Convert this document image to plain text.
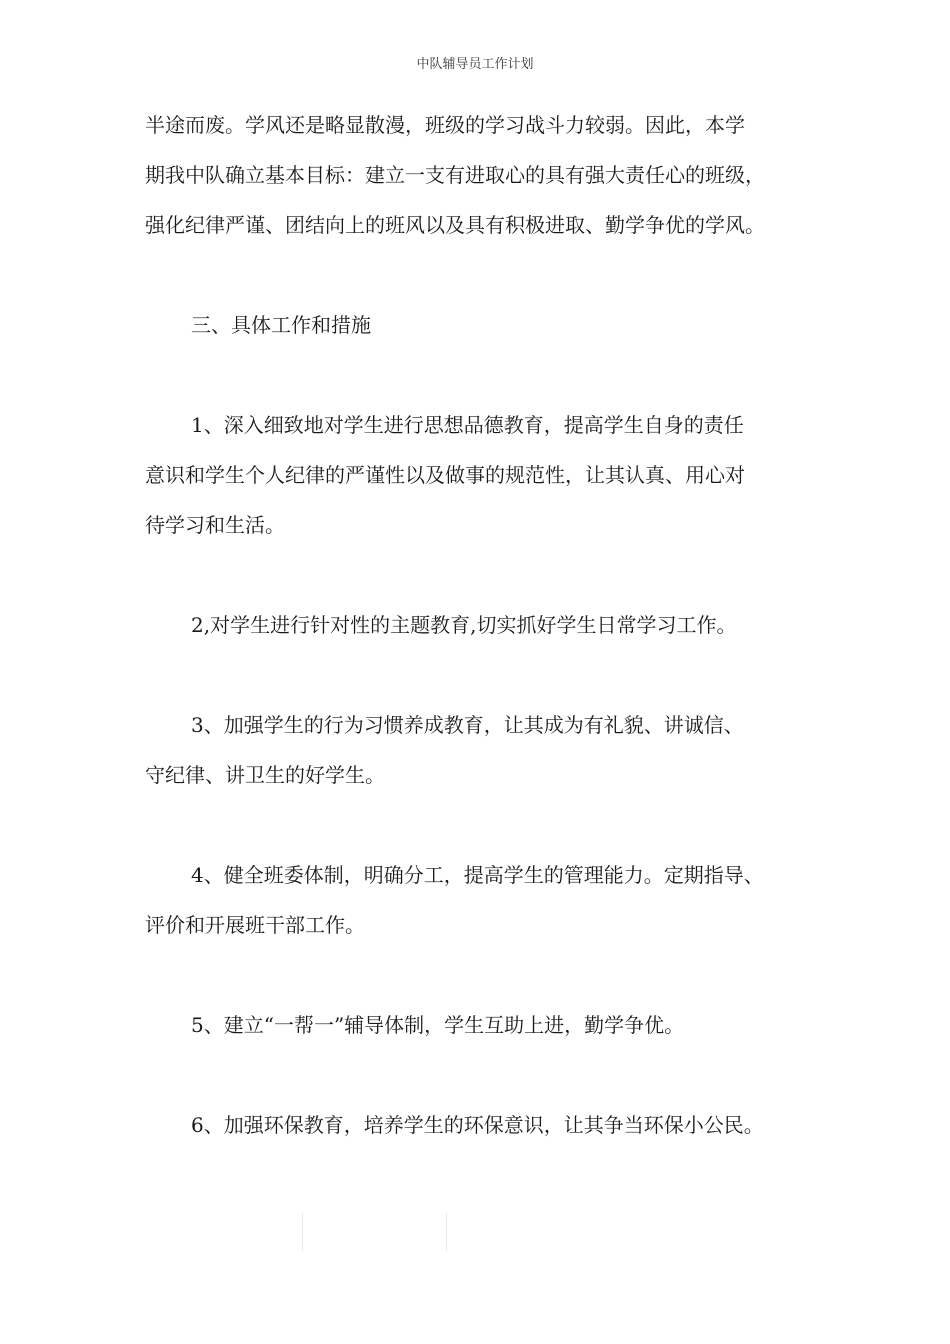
中队辅导员工作计划

半途而废。学风还是略显散漫，班级的学习战斗力较弱。因此，本学
期我中队确立基本目标：建立一支有进取心的具有强大责任心的班级，
强化纪律严谨、团结向上的班风以及具有积极进取、勤学争优的学风。

三、具体工作和措施

1、深入细致地对学生进行思想品德教育，提高学生自身的责任
意识和学生个人纪律的严谨性以及做事的规范性，让其认真、用心对
待学习和生活。

2,对学生进行针对性的主题教育,切实抓好学生日常学习工作。

3、加强学生的行为习惯养成教育，让其成为有礼貌、讲诚信、
守纪律、讲卫生的好学生。

4、健全班委体制，明确分工，提高学生的管理能力。定期指导、
评价和开展班干部工作。

5、建立“一帮一”辅导体制，学生互助上进，勤学争优。

6、加强环保教育，培养学生的环保意识，让其争当环保小公民。
